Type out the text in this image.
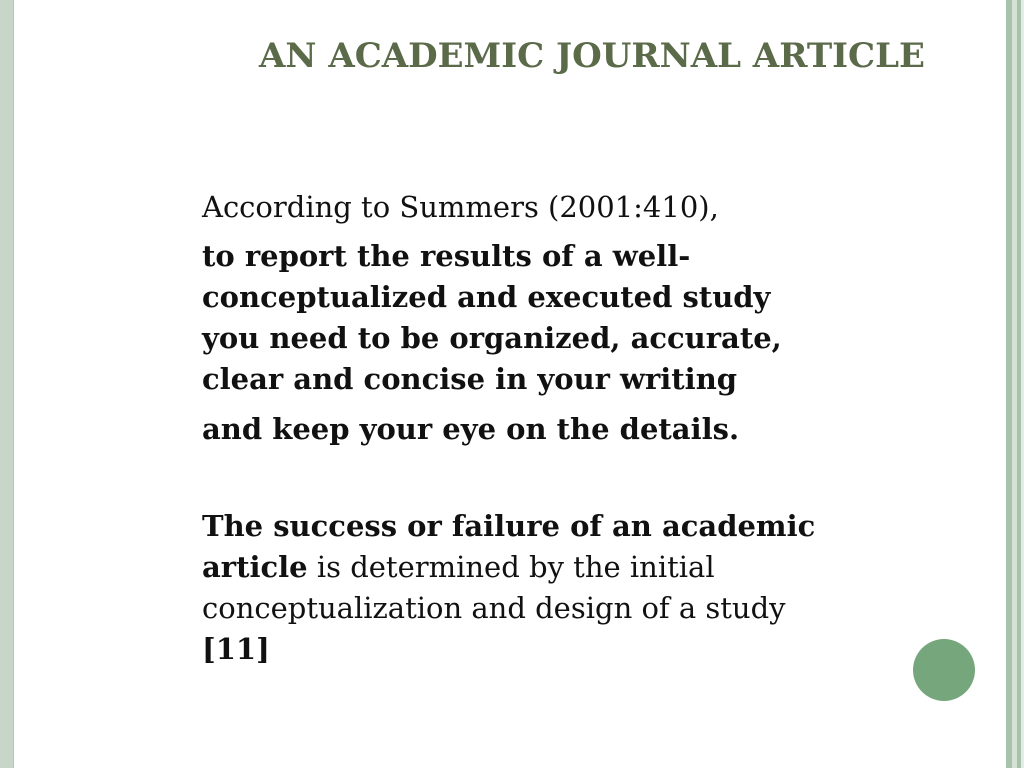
AN ACADEMIC JOURNAL ARTICLE

According to Summers (2001:410),

to report the results of a well-

conceptualized and executed study

you need to be organized, accurate,

clear and concise in your writing

and keep your eye on the details.

The success or failure of an academic

article is determined by the initial

conceptualization and design of a study

[11]
